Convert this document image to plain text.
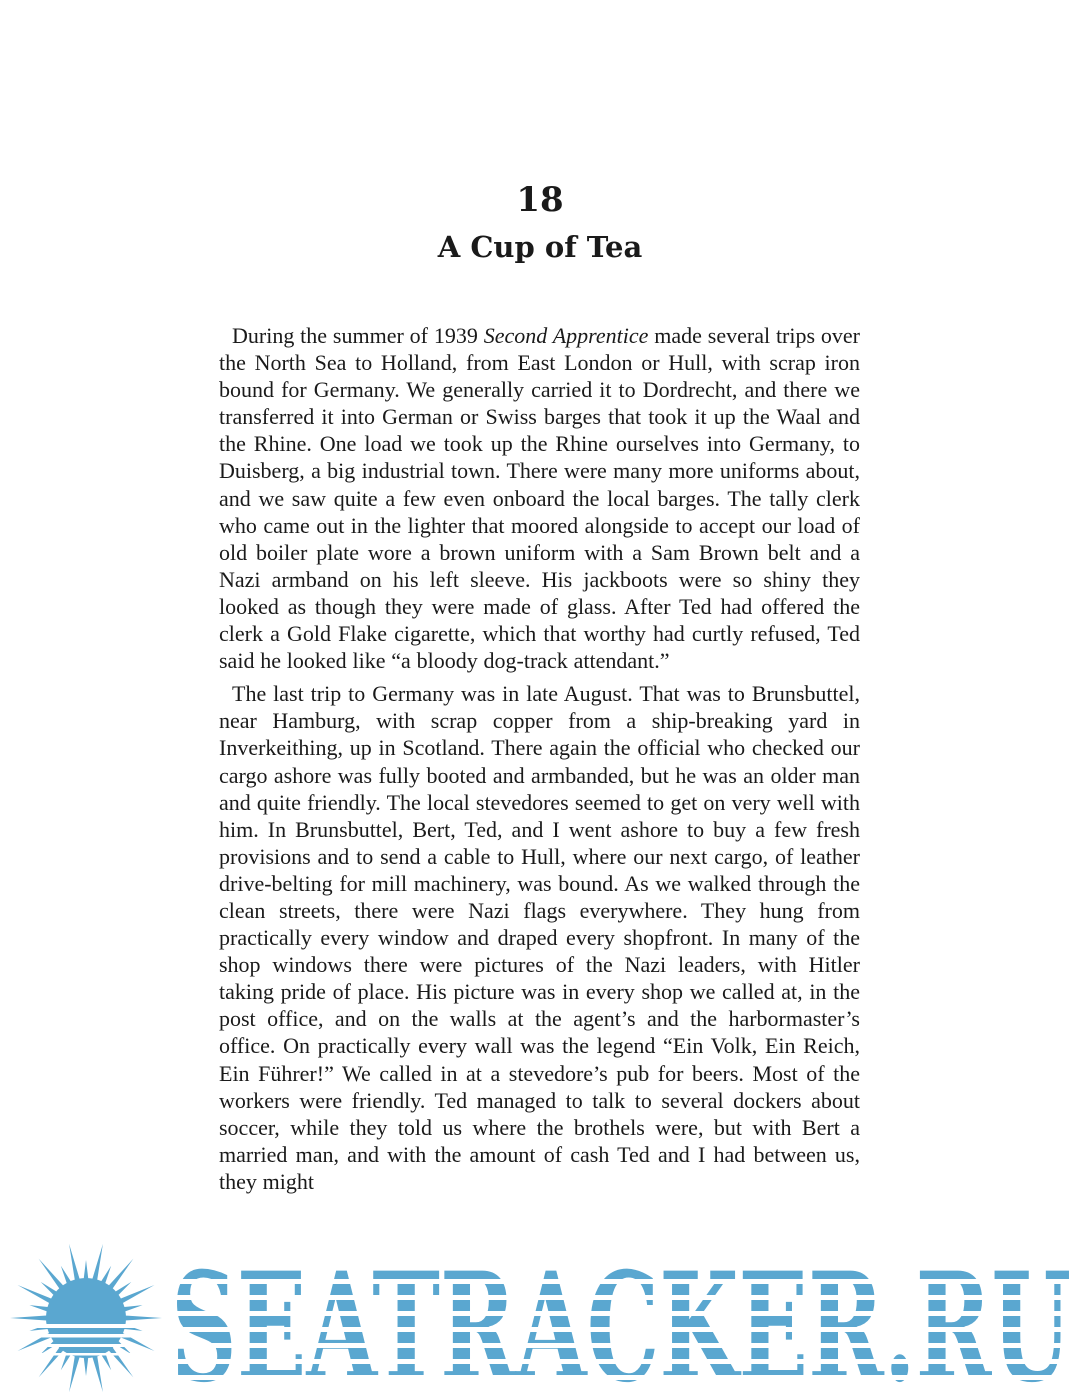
18
A Cup of Tea

During the summer of 1939 Second Apprentice made several trips over the North Sea to Holland, from East London or Hull, with scrap iron bound for Germany. We generally carried it to Dordrecht, and there we transferred it into German or Swiss barges that took it up the Waal and the Rhine. One load we took up the Rhine ourselves into Germany, to Duisberg, a big industrial town. There were many more uniforms about, and we saw quite a few even onboard the local barges. The tally clerk who came out in the lighter that moored alongside to accept our load of old boiler plate wore a brown uniform with a Sam Brown belt and a Nazi armband on his left sleeve. His jackboots were so shiny they looked as though they were made of glass. After Ted had offered the clerk a Gold Flake cigarette, which that worthy had curtly refused, Ted said he looked like “a bloody dog-track attendant.”

The last trip to Germany was in late August. That was to Brunsbuttel, near Hamburg, with scrap copper from a ship-breaking yard in Inverkeithing, up in Scotland. There again the official who checked our cargo ashore was fully booted and armbanded, but he was an older man and quite friendly. The local stevedores seemed to get on very well with him. In Brunsbuttel, Bert, Ted, and I went ashore to buy a few fresh provisions and to send a cable to Hull, where our next cargo, of leather drive-belting for mill machinery, was bound. As we walked through the clean streets, there were Nazi flags everywhere. They hung from practically every window and draped every shopfront. In many of the shop windows there were pictures of the Nazi leaders, with Hitler taking pride of place. His picture was in every shop we called at, in the post office, and on the walls at the agent’s and the harbormaster’s office. On practically every wall was the legend “Ein Volk, Ein Reich, Ein Führer!” We called in at a stevedore’s pub for beers. Most of the workers were friendly. Ted managed to talk to several dockers about soccer, while they told us where the brothels were, but with Bert a married man, and with the amount of cash Ted and I had between us, they might

SEATRACKER.RU
